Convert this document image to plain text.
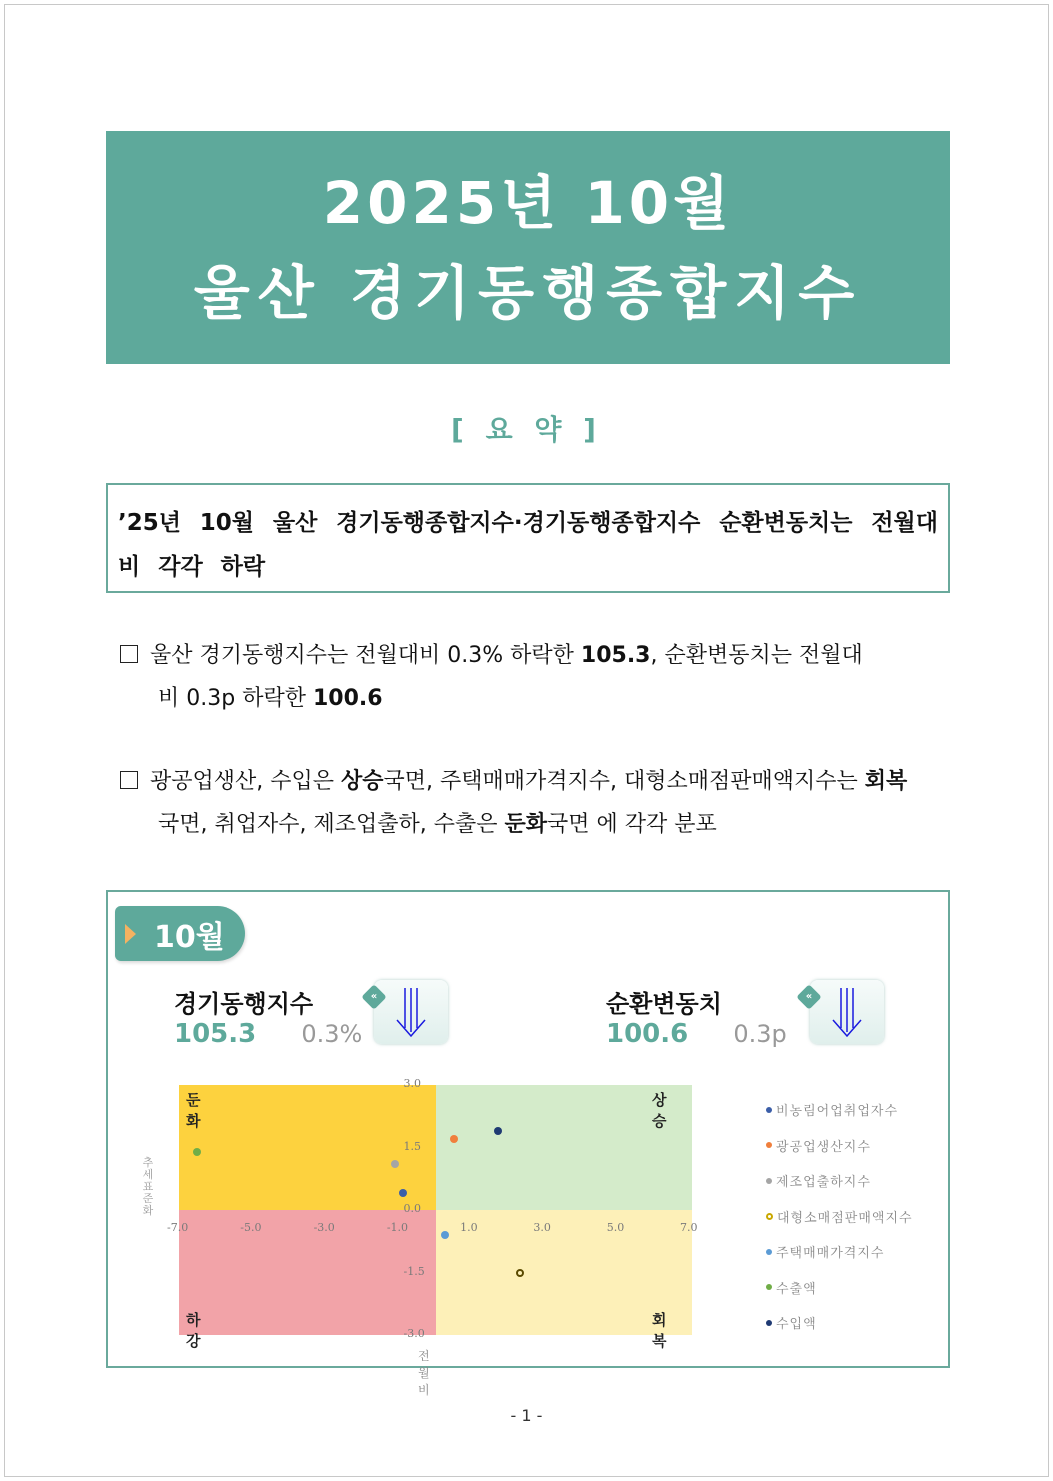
2025년 10월
울산 경기동행종합지수
[ 요 약 ]
’25년 10월 울산 경기동행종합지수·경기동행종합지수 순환변동치는 전월대비 각각 하락
울산 경기동행지수는 전월대비 0.3% 하락한 105.3, 순환변동치는 전월대
비 0.3p 하락한 100.6
광공업생산, 수입은 상승국면, 주택매매가격지수, 대형소매점판매액지수는 회복
국면, 취업자수, 제조업출하, 수출은 둔화국면 에 각각 분포
10월
경기동행지수
105.3 0.3%
«	순환변동치
100.6 0.3p
«
추세 표준화
전월비
둔화
상승
하강
회복
-7.0	-5.0	-3.0	-1.0	1.0	3.0	5.0	7.0
3.0
1.5
0.0
-1.5
-3.0
비농림어업취업자수
광공업생산지수
제조업출하지수
대형소매점판매액지수
주택매매가격지수
수출액
수입액
- 1 -
